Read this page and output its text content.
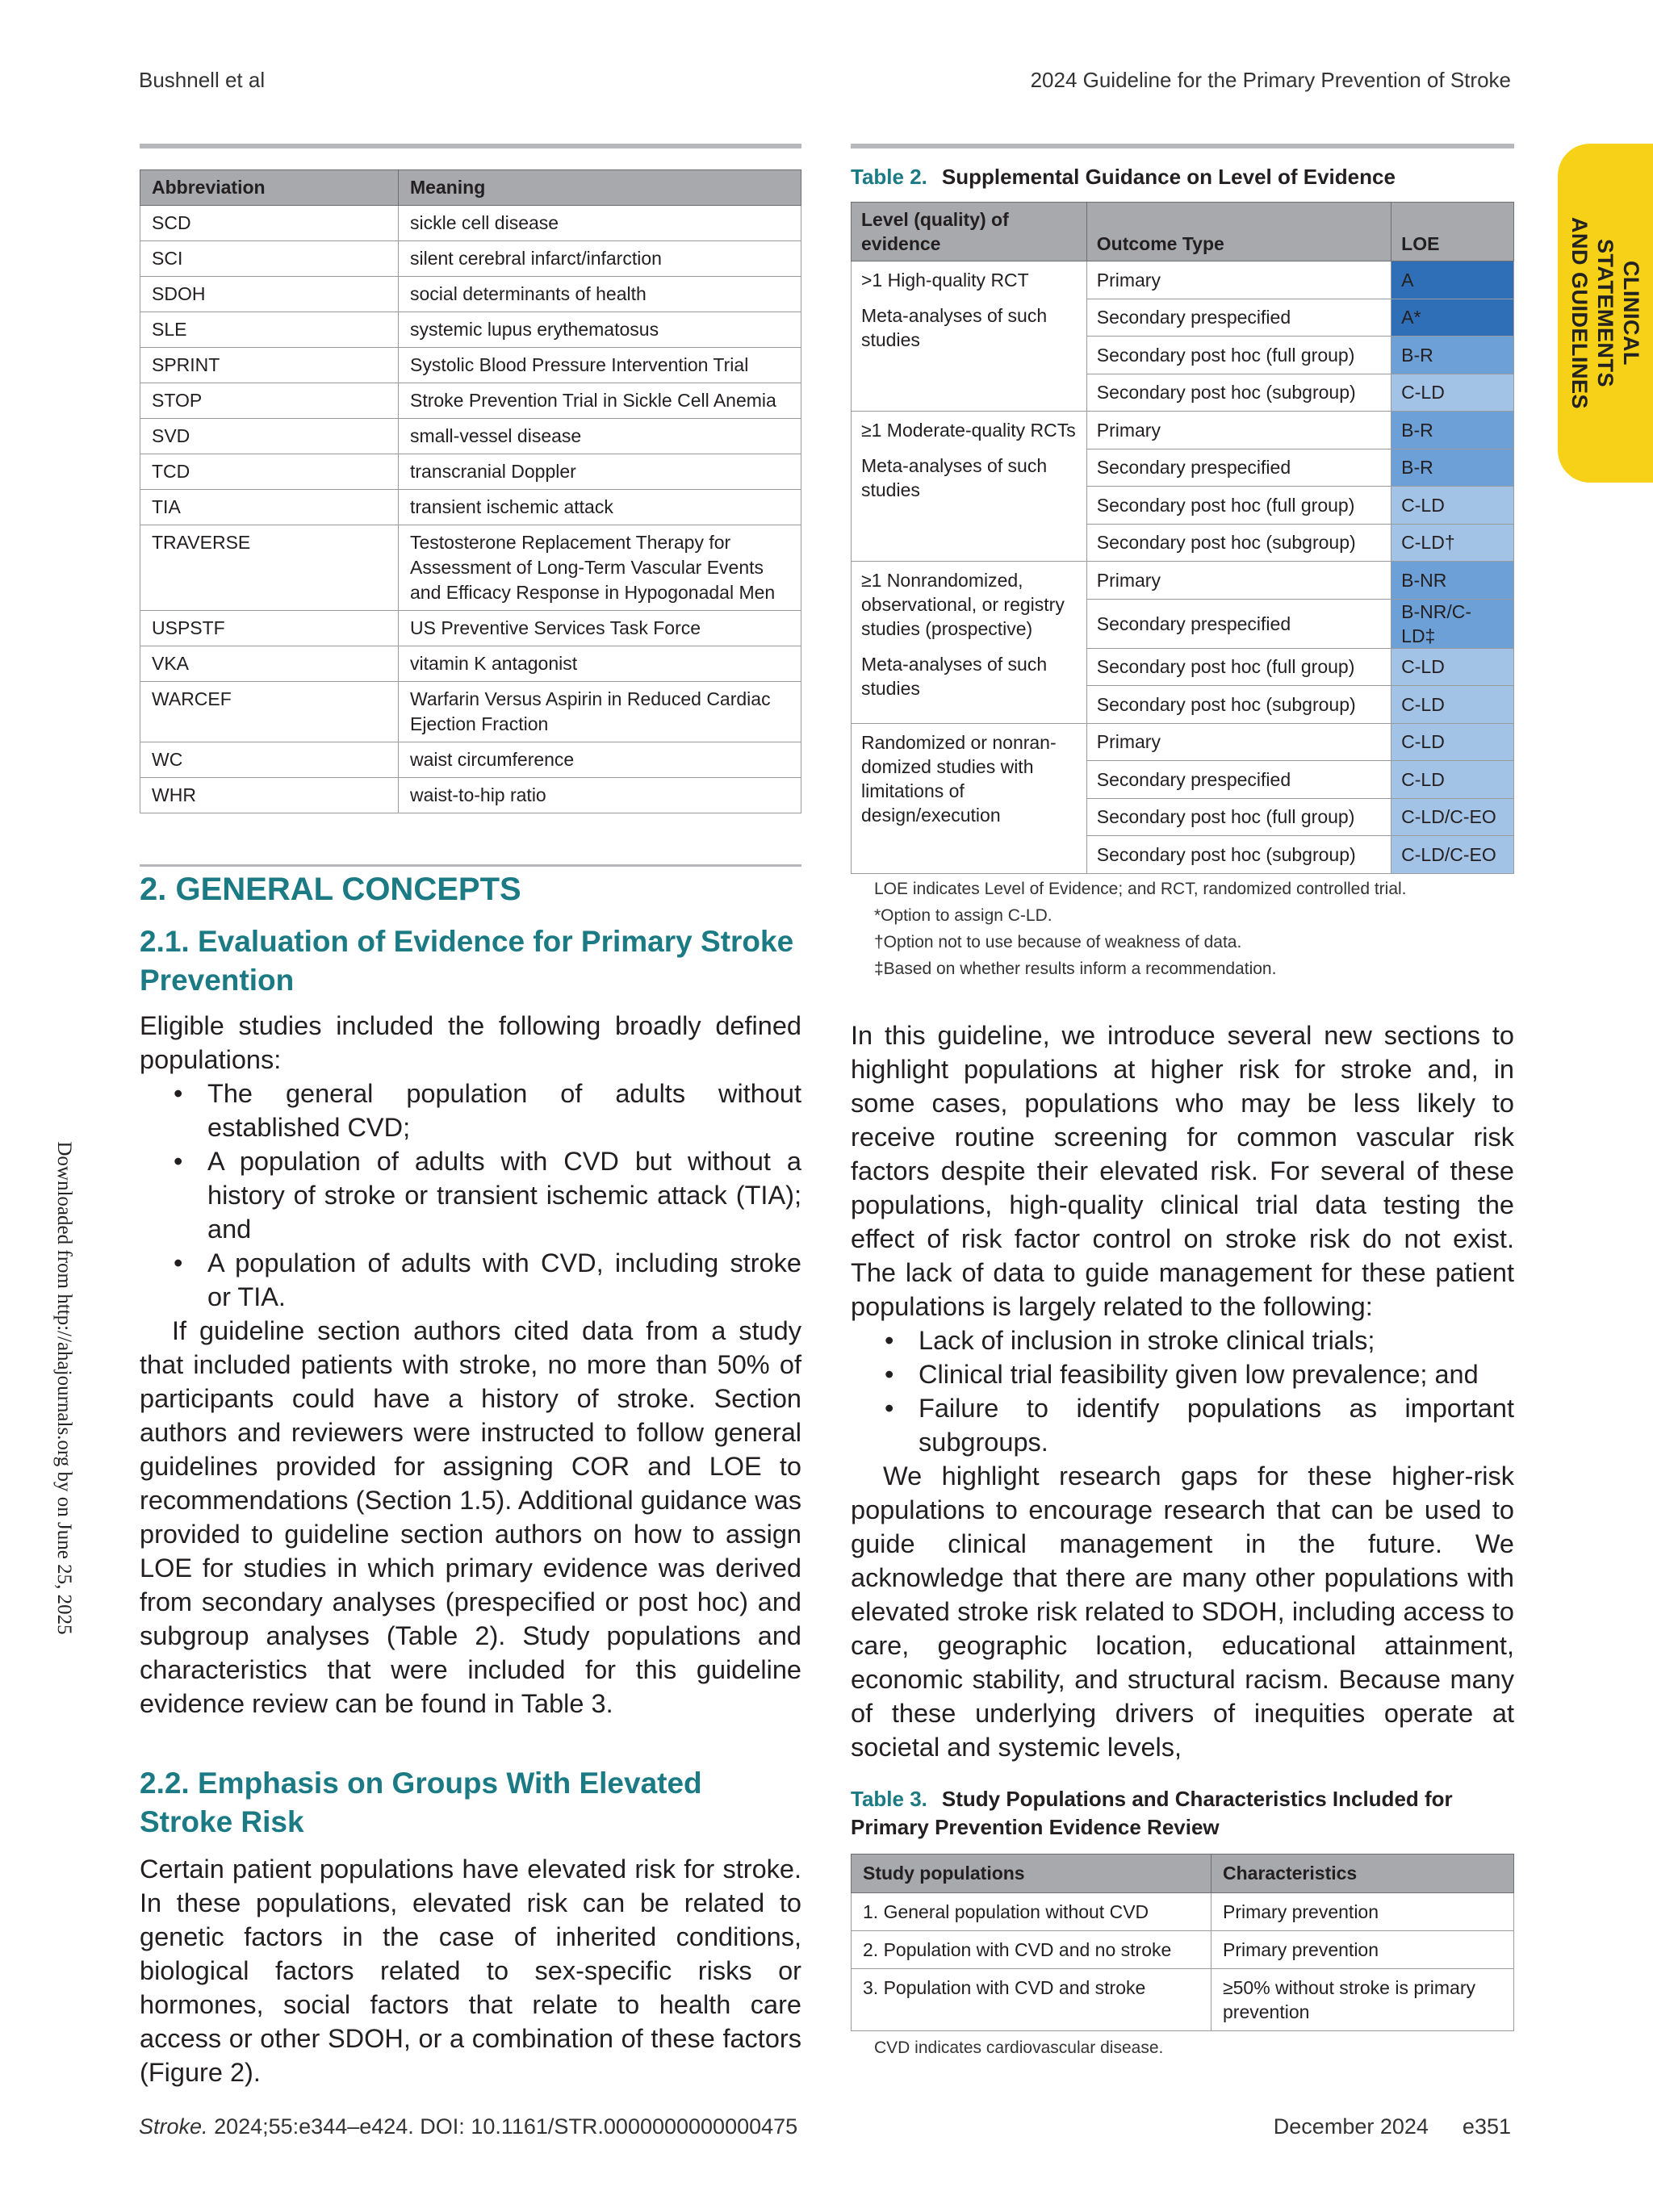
Bushnell et al	2024 Guideline for the Primary Prevention of Stroke
CLINICAL STATEMENTS
AND GUIDELINES
Downloaded from http://ahajournals.org by on June 25, 2025
Abbreviation	Meaning
SCD	sickle cell disease
SCI	silent cerebral infarct/infarction
SDOH	social determinants of health
SLE	systemic lupus erythematosus
SPRINT	Systolic Blood Pressure Intervention Trial
STOP	Stroke Prevention Trial in Sickle Cell Anemia
SVD	small-vessel disease
TCD	transcranial Doppler
TIA	transient ischemic attack
TRAVERSE	Testosterone Replacement Therapy for Assessment of Long-Term Vascular Events and Efficacy Response in Hypogonadal Men
USPSTF	US Preventive Services Task Force
VKA	vitamin K antagonist
WARCEF	Warfarin Versus Aspirin in Reduced Cardiac Ejection Fraction
WC	waist circumference
WHR	waist-to-hip ratio
Table 2. Supplemental Guidance on Level of Evidence
Level (quality) of evidence	Outcome Type	LOE

>1 High-quality RCT

Meta-analyses of such studies	Primary	A
	Secondary prespecified	A*
	Secondary post hoc (full group)	B-R
	Secondary post hoc (subgroup)	C-LD

≥1 Moderate-quality RCTs

Meta-analyses of such studies	Primary	B-R
	Secondary prespecified	B-R
	Secondary post hoc (full group)	C-LD
	Secondary post hoc (subgroup)	C-LD†

≥1 Nonrandomized, observational, or registry studies (prospective)

Meta-analyses of such studies	Primary	B-NR
	Secondary prespecified	B-NR/C-LD‡
	Secondary post hoc (full group)	C-LD
	Secondary post hoc (subgroup)	C-LD

Randomized or nonran-domized studies with limitations of design/execution	Primary	C-LD
	Secondary prespecified	C-LD
	Secondary post hoc (full group)	C-LD/C-EO
	Secondary post hoc (subgroup)	C-LD/C-EO
LOE indicates Level of Evidence; and RCT, randomized controlled trial.
*Option to assign C-LD.
†Option not to use because of weakness of data.
‡Based on whether results inform a recommendation.
2. GENERAL CONCEPTS
2.1. Evaluation of Evidence for Primary Stroke Prevention

Eligible studies included the following broadly defined populations:

• The general population of adults without established CVD;
• A population of adults with CVD but without a history of stroke or transient ischemic attack (TIA); and
• A population of adults with CVD, including stroke or TIA.

If guideline section authors cited data from a study that included patients with stroke, no more than 50% of participants could have a history of stroke. Section authors and reviewers were instructed to follow general guidelines provided for assigning COR and LOE to recommendations (Section 1.5). Additional guidance was provided to guideline section authors on how to assign LOE for studies in which primary evidence was derived from secondary analyses (prespecified or post hoc) and subgroup analyses (Table 2). Study populations and characteristics that were included for this guideline evidence review can be found in Table 3.

2.2. Emphasis on Groups With Elevated Stroke Risk

Certain patient populations have elevated risk for stroke. In these populations, elevated risk can be related to genetic factors in the case of inherited conditions, biological factors related to sex-specific risks or hormones, social factors that relate to health care access or other SDOH, or a combination of these factors (Figure 2).

In this guideline, we introduce several new sections to highlight populations at higher risk for stroke and, in some cases, populations who may be less likely to receive routine screening for common vascular risk factors despite their elevated risk. For several of these populations, high-quality clinical trial data testing the effect of risk factor control on stroke risk do not exist. The lack of data to guide management for these patient populations is largely related to the following:

• Lack of inclusion in stroke clinical trials;
• Clinical trial feasibility given low prevalence; and
• Failure to identify populations as important subgroups.

We highlight research gaps for these higher-risk populations to encourage research that can be used to guide clinical management in the future. We acknowledge that there are many other populations with elevated stroke risk related to SDOH, including access to care, geographic location, educational attainment, economic stability, and structural racism. Because many of these underlying drivers of inequities operate at societal and systemic levels,

Table 3. Study Populations and Characteristics Included for Primary Prevention Evidence Review
Study populations	Characteristics
1. General population without CVD	Primary prevention
2. Population with CVD and no stroke	Primary prevention
3. Population with CVD and stroke	≥50% without stroke is primary prevention
CVD indicates cardiovascular disease.
Stroke. 2024;55:e344–e424. DOI: 10.1161/STR.0000000000000475	December 2024 e351
